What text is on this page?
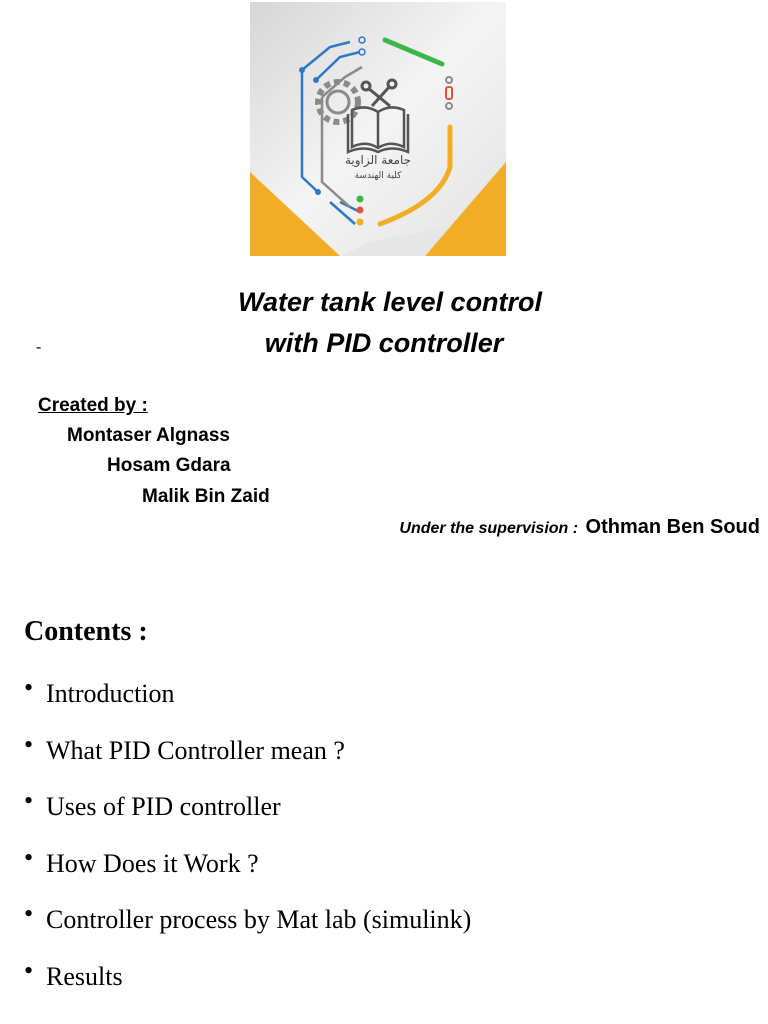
جامعة الزاوية
كلية الهندسة
Water tank level control
with PID controller
-
Created by :
Montaser Algnass
Hosam Gdara
Malik Bin Zaid
Under the supervision : Othman Ben Soud
Contents :
• Introduction
• What PID Controller mean ?
• Uses of PID controller
• How Does it Work ?
• Controller process by Mat lab (simulink)
• Results
